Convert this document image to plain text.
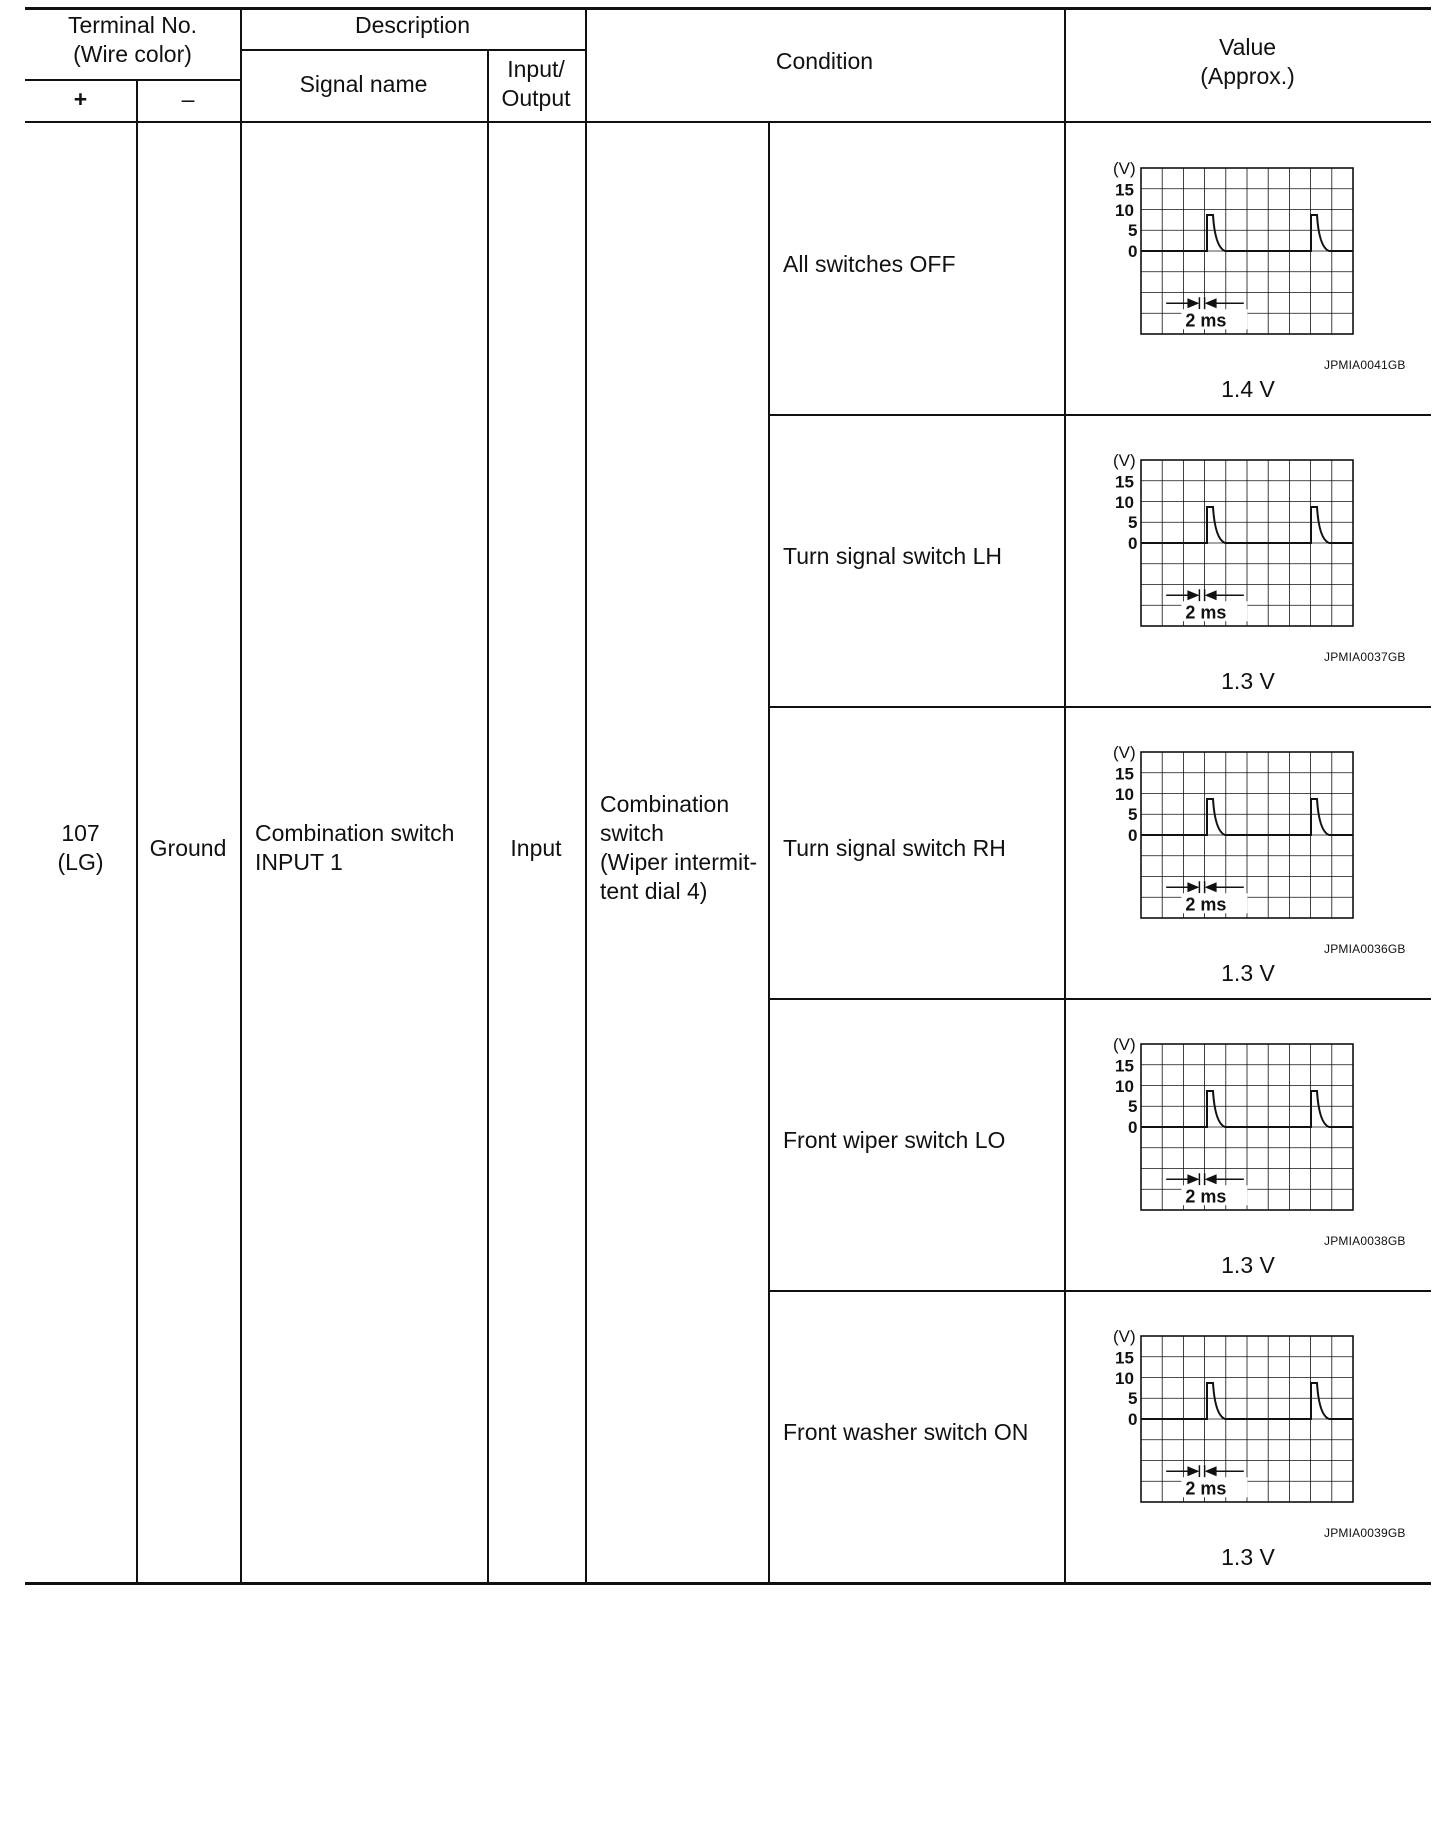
Terminal No.
(Wire color)
+	–
Description
Signal name
Input/
Output
Condition
Value
(Approx.)
107
(LG)
Ground
Combination switch
INPUT 1
Input
Combination
switch
(Wiper intermit-
tent dial 4)
All switches OFF
(V)
15
10
5
0
2 ms
JPMIA0041GB
1.4 V
Turn signal switch LH
(V)
15
10
5
0
2 ms
JPMIA0037GB
1.3 V
Turn signal switch RH
(V)
15
10
5
0
2 ms
JPMIA0036GB
1.3 V
Front wiper switch LO
(V)
15
10
5
0
2 ms
JPMIA0038GB
1.3 V
Front washer switch ON
(V)
15
10
5
0
2 ms
JPMIA0039GB
1.3 V
